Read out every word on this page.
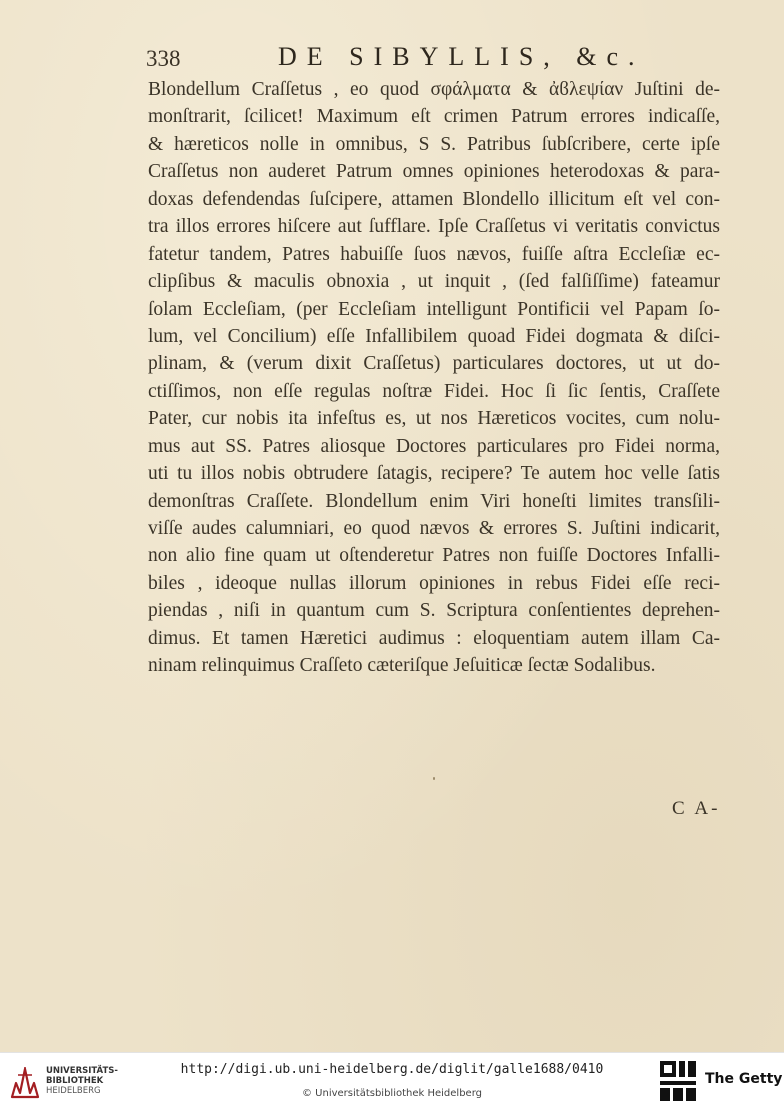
338	DE SIBYLLIS, &c.
Blondellum Craſſetus , eo quod σφάλματα & ἀϐλεψίαν Juſtini de-
monſtrarit, ſcilicet! Maximum eſt crimen Patrum errores indicaſſe,
& hæreticos nolle in omnibus, S S. Patribus ſubſcribere, certe ipſe
Craſſetus non auderet Patrum omnes opiniones heterodoxas & para-
doxas defendendas ſuſcipere, attamen Blondello illicitum eſt vel con-
tra illos errores hiſcere aut ſufflare. Ipſe Craſſetus vi veritatis convictus
fatetur tandem, Patres habuiſſe ſuos nævos, fuiſſe aſtra Eccleſiæ ec-
clipſibus & maculis obnoxia , ut inquit , (ſed falſiſſime) fateamur
ſolam Eccleſiam, (per Eccleſiam intelligunt Pontificii vel Papam ſo-
lum, vel Concilium) eſſe Infallibilem quoad Fidei dogmata & diſci-
plinam, & (verum dixit Craſſetus) particulares doctores, ut ut do-
ctiſſimos, non eſſe regulas noſtræ Fidei. Hoc ſi ſic ſentis, Craſſete
Pater, cur nobis ita infeſtus es, ut nos Hæreticos vocites, cum nolu-
mus aut SS. Patres aliosque Doctores particulares pro Fidei norma,
uti tu illos nobis obtrudere ſatagis, recipere? Te autem hoc velle ſatis
demonſtras Craſſete. Blondellum enim Viri honeſti limites transſili-
viſſe audes calumniari, eo quod nævos & errores S. Juſtini indicarit,
non alio fine quam ut oſtenderetur Patres non fuiſſe Doctores Infalli-
biles , ideoque nullas illorum opiniones in rebus Fidei eſſe reci-
piendas , niſi in quantum cum S. Scriptura conſentientes deprehen-
dimus. Et tamen Hæretici audimus : eloquentiam autem illam Ca-
ninam relinquimus Craſſeto cæteriſque Jeſuiticæ ſectæ Sodalibus.
C A-
UNIVERSITÄTS-
BIBLIOTHEK
HEIDELBERG
http://digi.ub.uni-heidelberg.de/diglit/galle1688/0410
© Universitätsbibliothek Heidelberg
The Getty
